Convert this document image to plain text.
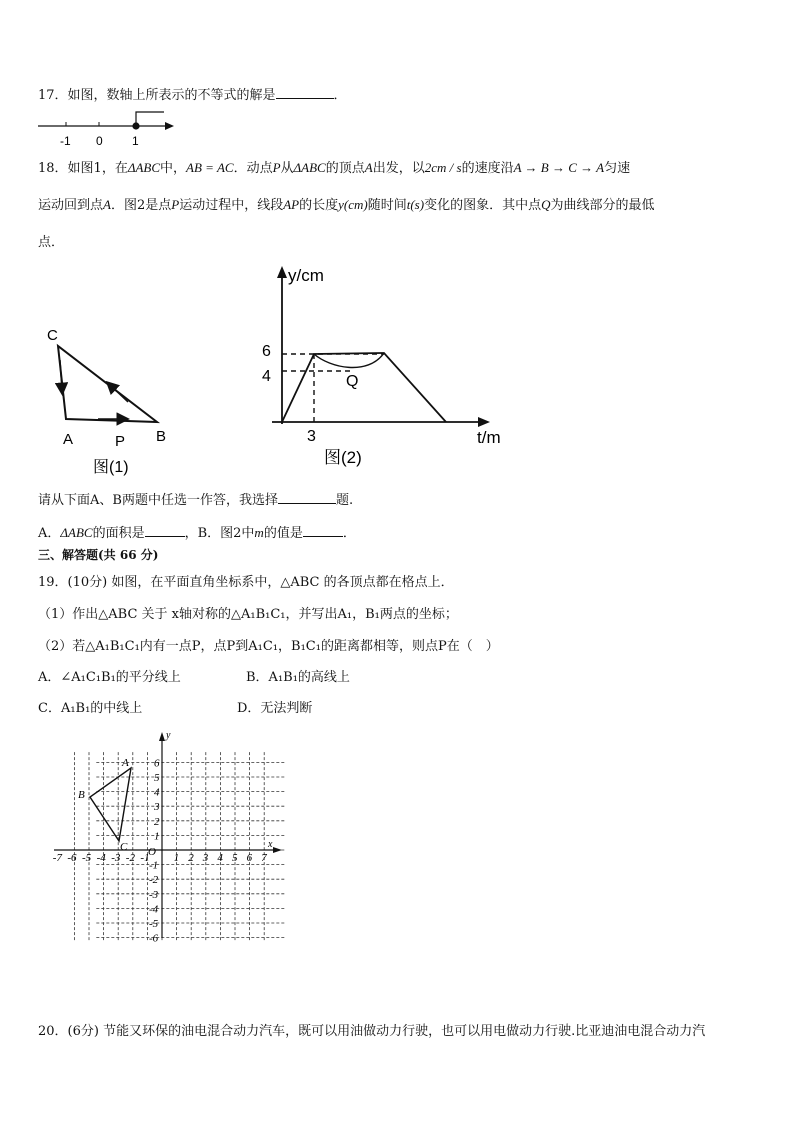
17．如图，数轴上所表示的不等式的解是	．
-1 0 1
18．如图1，在ΔABC中，AB = AC．动点P从ΔABC的顶点A出发，以2cm / s的速度沿A → B → C → A匀速
运动回到点A．图2是点P运动过程中，线段AP的长度y(cm)随时间t(s)变化的图象．其中点Q为曲线部分的最低
点．
C
A	P B
图(1)
y/cm
t/m
6
4
3
Q
图(2)
请从下面A、B两题中任选一作答，我选择	题.
A．ΔABC的面积是	，B．图2中m的值是	．
三、解答题(共 66 分)
19．(10分) 如图，在平面直角坐标系中，△ABC 的各顶点都在格点上．
（1）作出△ABC 关于 x轴对称的△A₁B₁C₁，并写出A₁，B₁两点的坐标；
（2）若△A₁B₁C₁内有一点P，点P到A₁C₁，B₁C₁的距离都相等，则点P在（　）
A．∠A₁C₁B₁的平分线上	B．A₁B₁的高线上
C．A₁B₁的中线上	D．无法判断
x
y
O
A
B
C
-7 -6 -5 -4 -3 -2 -1 1 2 3 4 5 6 7
6
5
4
3
2
1
-1
-2
-3
-4
-5
-6
20．(6分) 节能又环保的油电混合动力汽车，既可以用油做动力行驶，也可以用电做动力行驶.比亚迪油电混合动力汽
